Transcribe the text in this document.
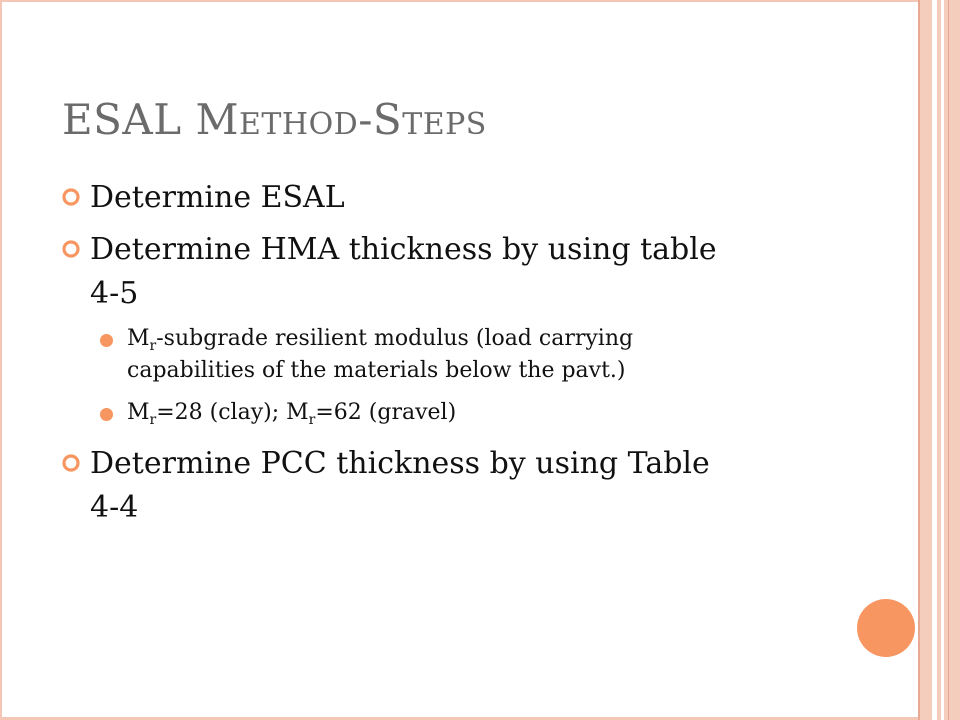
ESAL METHOD-STEPS
Determine ESAL
Determine HMA thickness by using table
4-5
$M_r$-subgrade resilient modulus (load carrying
capabilities of the materials below the pavt.)
$M_r=28$ (clay); $M_r=62$ (gravel)
Determine PCC thickness by using Table
4-4
